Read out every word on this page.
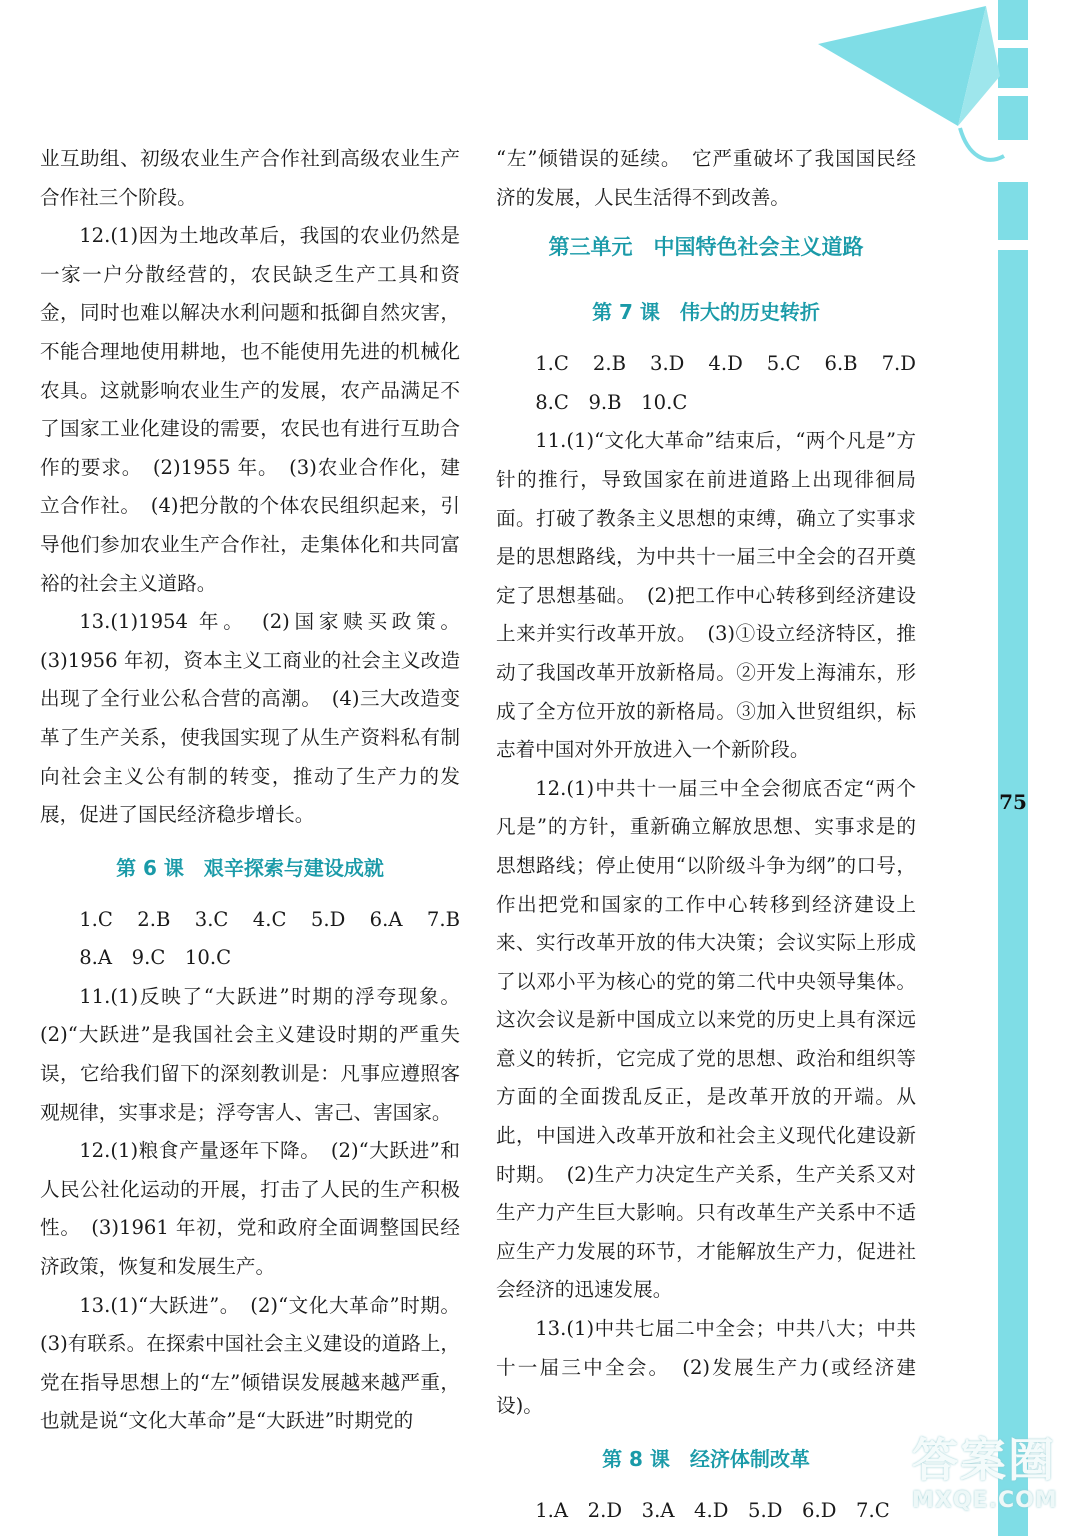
75

业互助组、初级农业生产合作社到高级农业生产合作社三个阶段。

12.(1)因为土地改革后，我国的农业仍然是一家一户分散经营的，农民缺乏生产工具和资金，同时也难以解决水利问题和抵御自然灾害，不能合理地使用耕地，也不能使用先进的机械化农具。这就影响农业生产的发展，农产品满足不了国家工业化建设的需要，农民也有进行互助合作的要求。　(2)1955 年。　(3)农业合作化，建立合作社。　(4)把分散的个体农民组织起来，引导他们参加农业生产合作社，走集体化和共同富裕的社会主义道路。

13.(1)1954 年。　(2)国家赎买政策。(3)1956 年初，资本主义工商业的社会主义改造出现了全行业公私合营的高潮。　(4)三大改造变革了生产关系，使我国实现了从生产资料私有制向社会主义公有制的转变，推动了生产力的发展，促进了国民经济稳步增长。

第 6 课　艰辛探索与建设成就

1.C　2.B　3.C　4.C　5.D　6.A　7.B 8.A　9.C　10.C

11.(1)反映了“大跃进”时期的浮夸现象。(2)“大跃进”是我国社会主义建设时期的严重失误，它给我们留下的深刻教训是：凡事应遵照客观规律，实事求是；浮夸害人、害己、害国家。

12.(1)粮食产量逐年下降。　(2)“大跃进”和人民公社化运动的开展，打击了人民的生产积极性。　(3)1961 年初，党和政府全面调整国民经济政策，恢复和发展生产。

13.(1)“大跃进”。　(2)“文化大革命”时期。(3)有联系。在探索中国社会主义建设的道路上，党在指导思想上的“左”倾错误发展越来越严重，也就是说“文化大革命”是“大跃进”时期党的

“左”倾错误的延续。　它严重破坏了我国国民经济的发展，人民生活得不到改善。

第三单元　中国特色社会主义道路
第 7 课　伟大的历史转折

1.C　2.B　3.D　4.D　5.C　6.B　7.D 8.C　9.B　10.C

11.(1)“文化大革命”结束后，“两个凡是”方针的推行，导致国家在前进道路上出现徘徊局面。打破了教条主义思想的束缚，确立了实事求是的思想路线，为中共十一届三中全会的召开奠定了思想基础。　(2)把工作中心转移到经济建设上来并实行改革开放。　(3)①设立经济特区，推动了我国改革开放新格局。②开发上海浦东，形成了全方位开放的新格局。③加入世贸组织，标志着中国对外开放进入一个新阶段。

12.(1)中共十一届三中全会彻底否定“两个凡是”的方针，重新确立解放思想、实事求是的思想路线；停止使用“以阶级斗争为纲”的口号，作出把党和国家的工作中心转移到经济建设上来、实行改革开放的伟大决策；会议实际上形成了以邓小平为核心的党的第二代中央领导集体。这次会议是新中国成立以来党的历史上具有深远意义的转折，它完成了党的思想、政治和组织等方面的全面拨乱反正，是改革开放的开端。从此，中国进入改革开放和社会主义现代化建设新时期。　(2)生产力决定生产关系，生产关系又对生产力产生巨大影响。只有改革生产关系中不适应生产力发展的环节，才能解放生产力，促进社会经济的迅速发展。

13.(1)中共七届二中全会；中共八大；中共十一届三中全会。　(2)发展生产力(或经济建设)。

第 8 课　经济体制改革

1.A　2.D　3.A　4.D　5.D　6.D　7.C

答案圈
MXQE.COM
